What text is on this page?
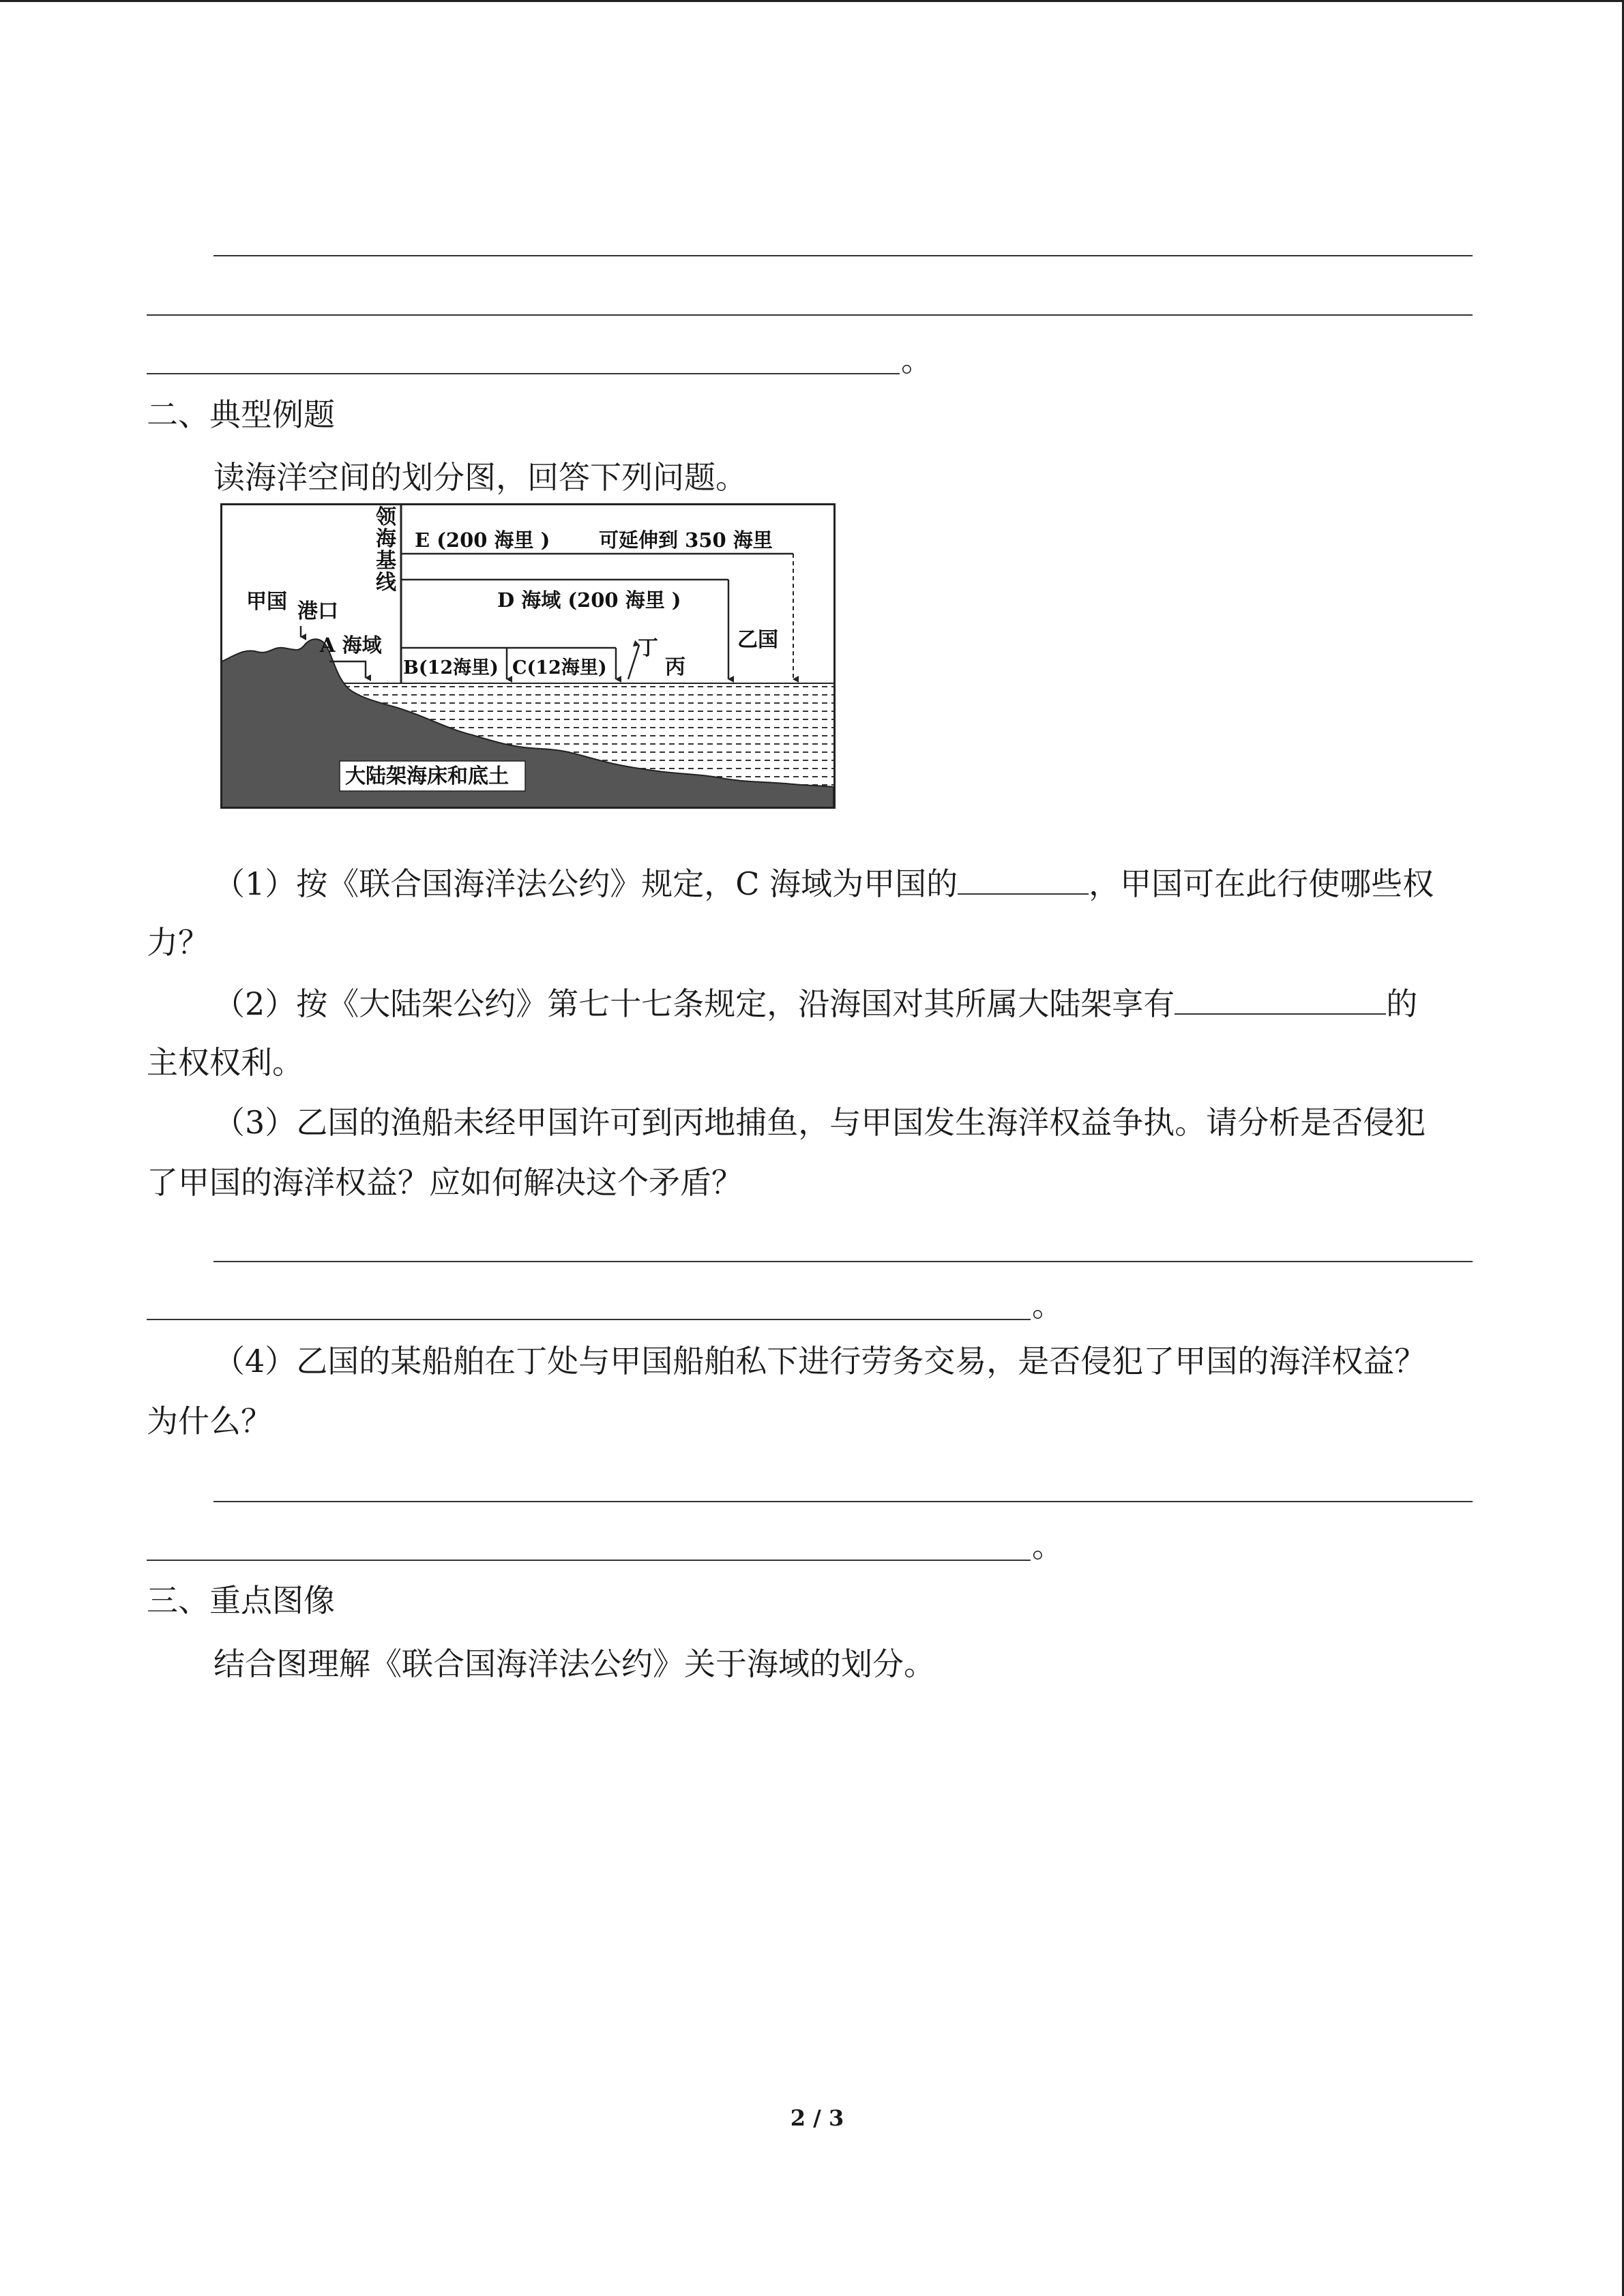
。
二、典型例题
读海洋空间的划分图，回答下列问题。
领 海 基 线
E (200 海里 ) 可延伸到 350 海里
D 海域 (200 海里 )
甲国 港口
A 海域	乙国
B(12海里) C(12海里)
丁
丙
大陆架海床和底土
（1）按《联合国海洋法公约》规定，C 海域为甲国的	，甲国可在此行使哪些权
力？
（2）按《大陆架公约》第七十七条规定，沿海国对其所属大陆架享有	的
主权权利。
（3）乙国的渔船未经甲国许可到丙地捕鱼，与甲国发生海洋权益争执。请分析是否侵犯
了甲国的海洋权益？应如何解决这个矛盾？
。
（4）乙国的某船舶在丁处与甲国船舶私下进行劳务交易，是否侵犯了甲国的海洋权益？
为什么？
。
三、重点图像
结合图理解《联合国海洋法公约》关于海域的划分。
2 / 3
